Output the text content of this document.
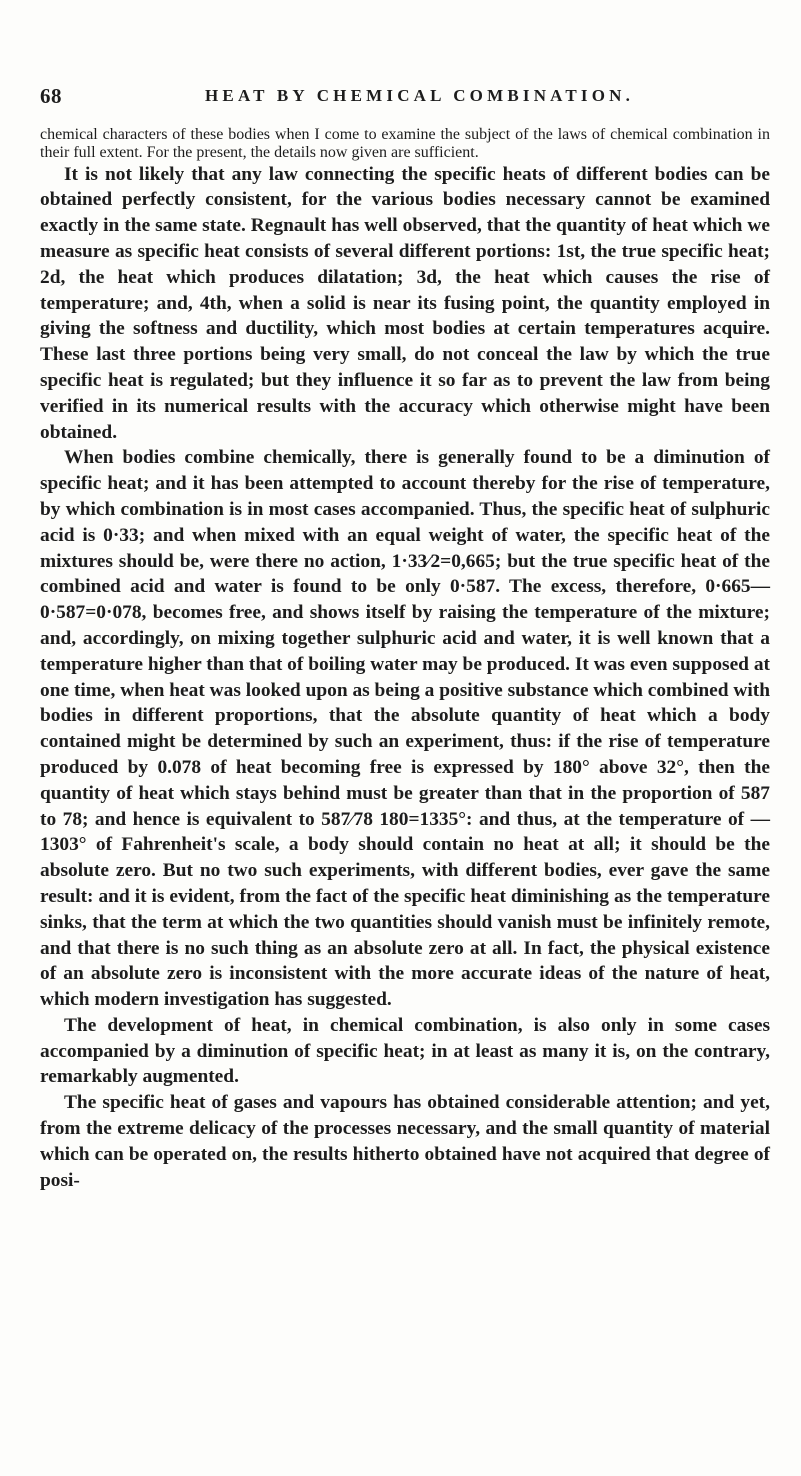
68	HEAT BY CHEMICAL COMBINATION.

chemical characters of these bodies when I come to examine the subject of the laws of chemical combination in their full extent. For the present, the details now given are sufficient.

It is not likely that any law connecting the specific heats of different bodies can be obtained perfectly consistent, for the various bodies necessary cannot be examined exactly in the same state. Regnault has well observed, that the quantity of heat which we measure as specific heat consists of several different portions: 1st, the true specific heat; 2d, the heat which produces dilatation; 3d, the heat which causes the rise of temperature; and, 4th, when a solid is near its fusing point, the quantity employed in giving the softness and ductility, which most bodies at certain temperatures acquire. These last three portions being very small, do not conceal the law by which the true specific heat is regulated; but they influence it so far as to prevent the law from being verified in its numerical results with the accuracy which otherwise might have been obtained.

When bodies combine chemically, there is generally found to be a diminution of specific heat; and it has been attempted to account thereby for the rise of temperature, by which combination is in most cases accompanied. Thus, the specific heat of sulphuric acid is 0·33; and when mixed with an equal weight of water, the specific heat of the mixtures should be, were there no action, 1·33⁄2=0,665; but the true specific heat of the combined acid and water is found to be only 0·587. The excess, therefore, 0·665—0·587=0·078, becomes free, and shows itself by raising the temperature of the mixture; and, accordingly, on mixing together sulphuric acid and water, it is well known that a temperature higher than that of boiling water may be produced. It was even supposed at one time, when heat was looked upon as being a positive substance which combined with bodies in different proportions, that the absolute quantity of heat which a body contained might be determined by such an experiment, thus: if the rise of temperature produced by 0.078 of heat becoming free is expressed by 180° above 32°, then the quantity of heat which stays behind must be greater than that in the proportion of 587 to 78; and hence is equivalent to 587⁄78 180=1335°: and thus, at the temperature of —1303° of Fahrenheit's scale, a body should contain no heat at all; it should be the absolute zero. But no two such experiments, with different bodies, ever gave the same result: and it is evident, from the fact of the specific heat diminishing as the temperature sinks, that the term at which the two quantities should vanish must be infinitely remote, and that there is no such thing as an absolute zero at all. In fact, the physical existence of an absolute zero is inconsistent with the more accurate ideas of the nature of heat, which modern investigation has suggested.

The development of heat, in chemical combination, is also only in some cases accompanied by a diminution of specific heat; in at least as many it is, on the contrary, remarkably augmented.

The specific heat of gases and vapours has obtained considerable attention; and yet, from the extreme delicacy of the processes necessary, and the small quantity of material which can be operated on, the results hitherto obtained have not acquired that degree of posi-
